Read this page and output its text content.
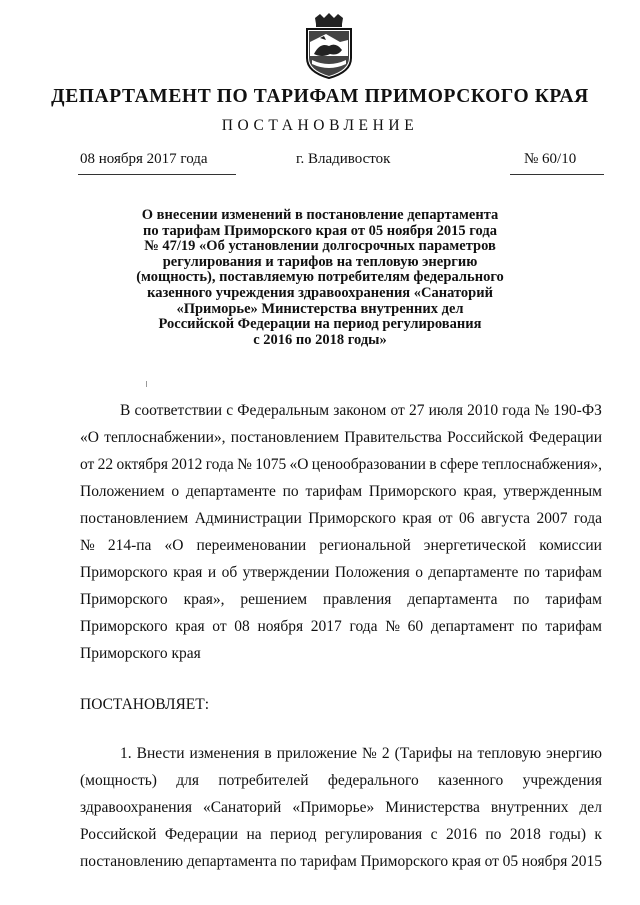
ДЕПАРТАМЕНТ ПО ТАРИФАМ ПРИМОРСКОГО КРАЯ
ПОСТАНОВЛЕНИЕ
08 ноября 2017 года	г. Владивосток	№ 60/10
О внесении изменений в постановление департамента
по тарифам Приморского края от 05 ноября 2015 года
№ 47/19 «Об установлении долгосрочных параметров
регулирования и тарифов на тепловую энергию
(мощность), поставляемую потребителям федерального
казенного учреждения здравоохранения «Санаторий
«Приморье» Министерства внутренних дел
Российской Федерации на период регулирования
с 2016 по 2018 годы»
В соответствии с Федеральным законом от 27 июля 2010 года № 190-ФЗ
«О теплоснабжении», постановлением Правительства Российской Федерации
от 22 октября 2012 года № 1075 «О ценообразовании в сфере теплоснабжения»,
Положением о департаменте по тарифам Приморского края, утвержденным
постановлением Администрации Приморского края от 06 августа 2007 года
№ 214-па «О переименовании региональной энергетической комиссии
Приморского края и об утверждении Положения о департаменте по тарифам
Приморского края», решением правления департамента по тарифам
Приморского края от 08 ноября 2017 года № 60 департамент по тарифам
Приморского края
ПОСТАНОВЛЯЕТ:
1. Внести изменения в приложение № 2 (Тарифы на тепловую энергию
(мощность) для потребителей федерального казенного учреждения
здравоохранения «Санаторий «Приморье» Министерства внутренних дел
Российской Федерации на период регулирования с 2016 по 2018 годы) к
постановлению департамента по тарифам Приморского края от 05 ноября 2015
